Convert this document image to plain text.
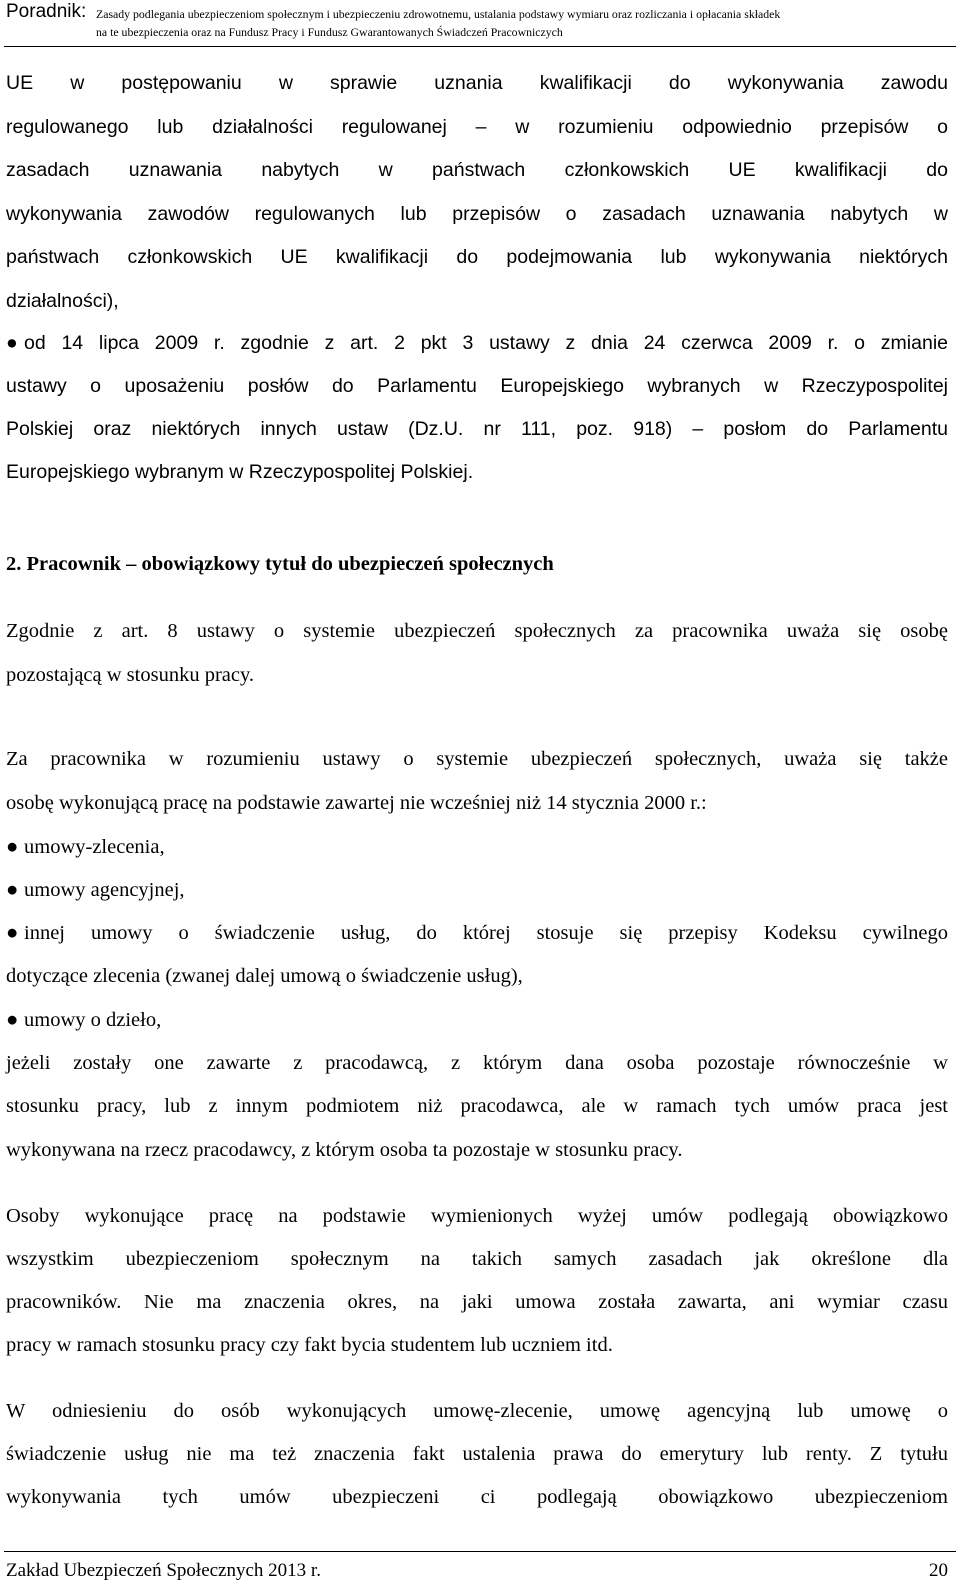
Poradnik: Zasady podlegania ubezpieczeniom społecznym i ubezpieczeniu zdrowotnemu, ustalania podstawy wymiaru oraz rozliczania i opłacania składek
na te ubezpieczenia oraz na Fundusz Pracy i Fundusz Gwarantowanych Świadczeń Pracowniczych
UE w postępowaniu w sprawie uznania kwalifikacji do wykonywania zawodu
regulowanego lub działalności regulowanej – w rozumieniu odpowiednio przepisów o
zasadach uznawania nabytych w państwach członkowskich UE kwalifikacji do
wykonywania zawodów regulowanych lub przepisów o zasadach uznawania nabytych w
państwach członkowskich UE kwalifikacji do podejmowania lub wykonywania niektórych
działalności),
● od 14 lipca 2009 r. zgodnie z art. 2 pkt 3 ustawy z dnia 24 czerwca 2009 r. o zmianie
ustawy o uposażeniu posłów do Parlamentu Europejskiego wybranych w Rzeczypospolitej
Polskiej oraz niektórych innych ustaw (Dz.U. nr 111, poz. 918) – posłom do Parlamentu
Europejskiego wybranym w Rzeczypospolitej Polskiej.
2. Pracownik – obowiązkowy tytuł do ubezpieczeń społecznych
Zgodnie z art. 8 ustawy o systemie ubezpieczeń społecznych za pracownika uważa się osobę
pozostającą w stosunku pracy.
Za pracownika w rozumieniu ustawy o systemie ubezpieczeń społecznych, uważa się także
osobę wykonującą pracę na podstawie zawartej nie wcześniej niż 14 stycznia 2000 r.:
● umowy-zlecenia,
● umowy agencyjnej,
● innej umowy o świadczenie usług, do której stosuje się przepisy Kodeksu cywilnego
dotyczące zlecenia (zwanej dalej umową o świadczenie usług),
● umowy o dzieło,
jeżeli zostały one zawarte z pracodawcą, z którym dana osoba pozostaje równocześnie w
stosunku pracy, lub z innym podmiotem niż pracodawca, ale w ramach tych umów praca jest
wykonywana na rzecz pracodawcy, z którym osoba ta pozostaje w stosunku pracy.
Osoby wykonujące pracę na podstawie wymienionych wyżej umów podlegają obowiązkowo
wszystkim ubezpieczeniom społecznym na takich samych zasadach jak określone dla
pracowników. Nie ma znaczenia okres, na jaki umowa została zawarta, ani wymiar czasu
pracy w ramach stosunku pracy czy fakt bycia studentem lub uczniem itd.
W odniesieniu do osób wykonujących umowę-zlecenie, umowę agencyjną lub umowę o
świadczenie usług nie ma też znaczenia fakt ustalenia prawa do emerytury lub renty. Z tytułu
wykonywania tych umów ubezpieczeni ci podlegają obowiązkowo ubezpieczeniom
Zakład Ubezpieczeń Społecznych 2013 r.	20
